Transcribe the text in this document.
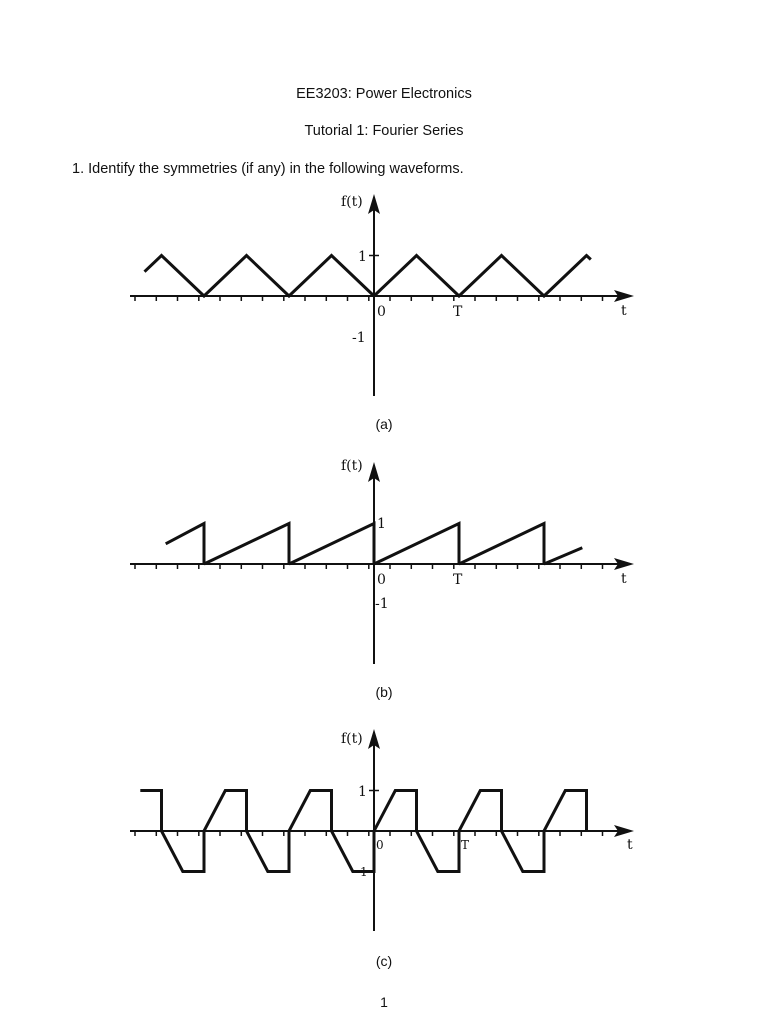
EE3203: Power Electronics
Tutorial 1: Fourier Series
1. Identify the symmetries (if any) in the following waveforms.
f(t)
1
-1
0	T	t
(a)
f(t)
1
-1
0	T	t
(b)
f(t)
1
-1
0	T	t
(c)
1
